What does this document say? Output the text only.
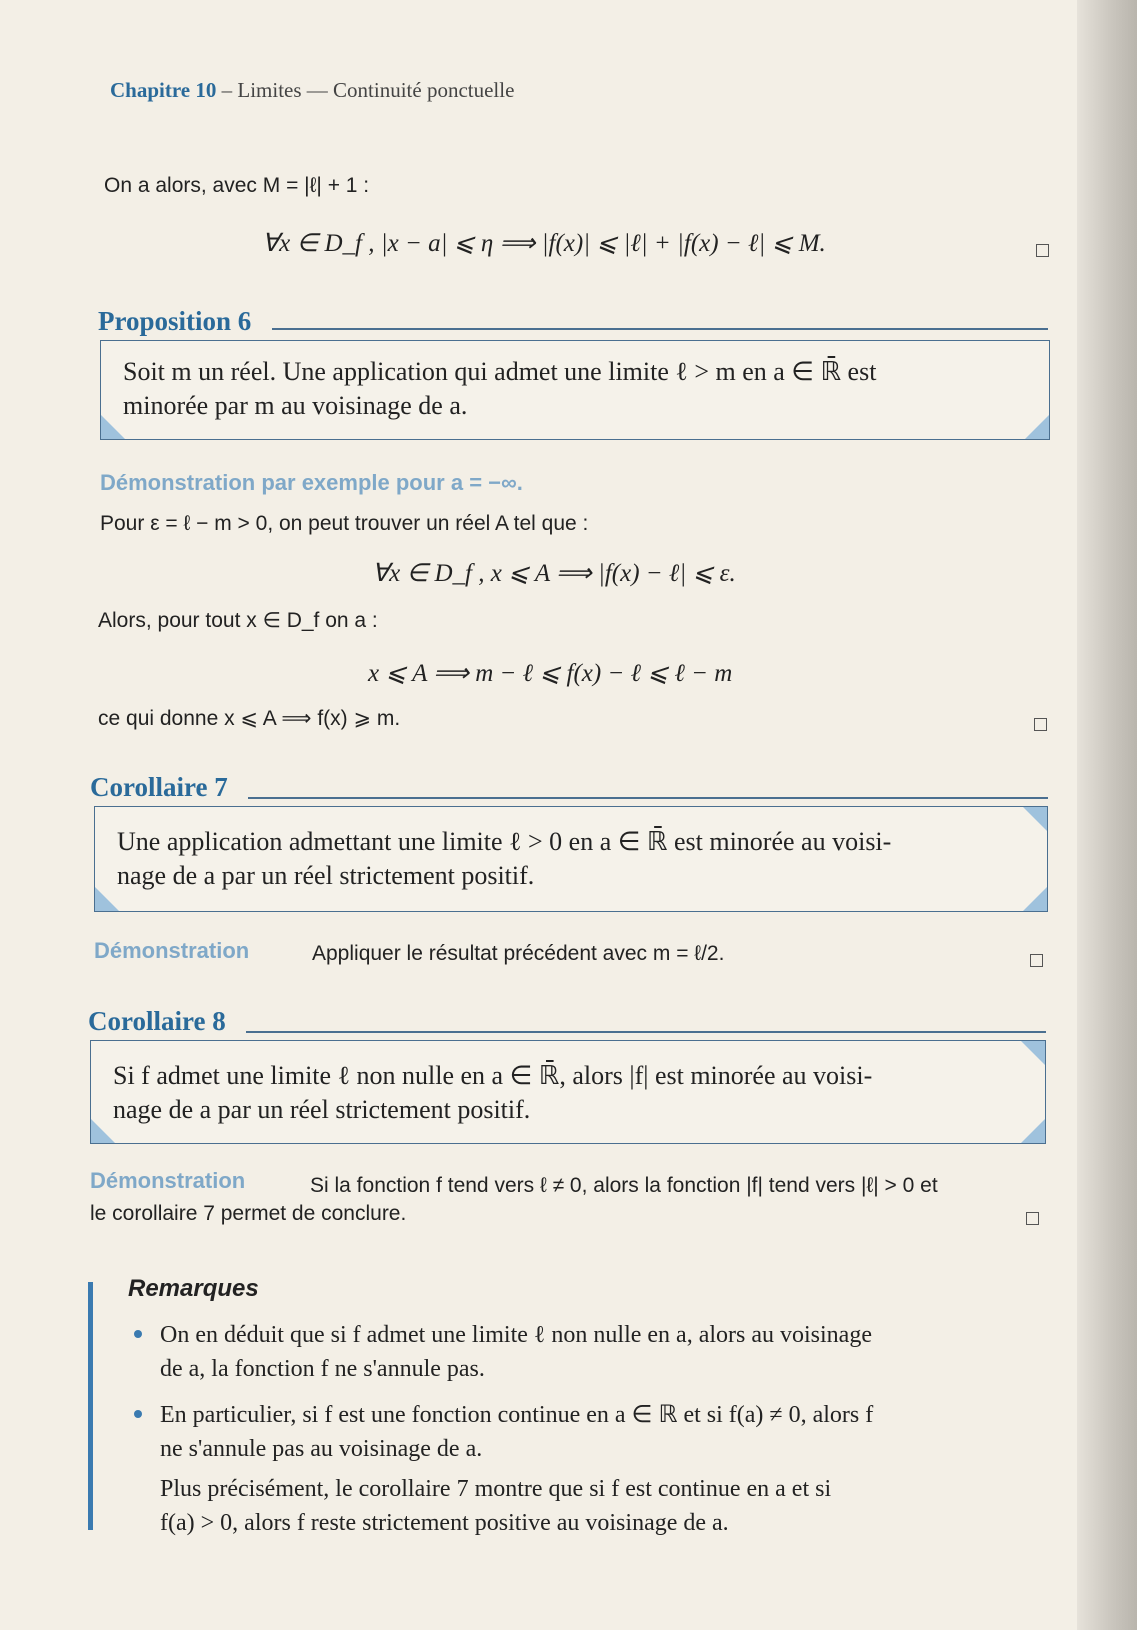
Chapitre 10 – Limites — Continuité ponctuelle
On a alors, avec M = |ℓ| + 1 :
∀x ∈ D_f , |x − a| ⩽ η ⟹ |f(x)| ⩽ |ℓ| + |f(x) − ℓ| ⩽ M.
Proposition 6
Soit m un réel. Une application qui admet une limite ℓ > m en a ∈ ℝ̄ est
minorée par m au voisinage de a.
Démonstration par exemple pour a = −∞.
Pour ε = ℓ − m > 0, on peut trouver un réel A tel que :
∀x ∈ D_f , x ⩽ A ⟹ |f(x) − ℓ| ⩽ ε.
Alors, pour tout x ∈ D_f on a :
x ⩽ A ⟹ m − ℓ ⩽ f(x) − ℓ ⩽ ℓ − m
ce qui donne x ⩽ A ⟹ f(x) ⩾ m.
Corollaire 7
Une application admettant une limite ℓ > 0 en a ∈ ℝ̄ est minorée au voisi-
nage de a par un réel strictement positif.
Démonstration	Appliquer le résultat précédent avec m = ℓ/2.
Corollaire 8
Si f admet une limite ℓ non nulle en a ∈ ℝ̄, alors |f| est minorée au voisi-
nage de a par un réel strictement positif.
Démonstration	Si la fonction f tend vers ℓ ≠ 0, alors la fonction |f| tend vers |ℓ| > 0 et
le corollaire 7 permet de conclure.
Remarques
On en déduit que si f admet une limite ℓ non nulle en a, alors au voisinage
de a, la fonction f ne s'annule pas.
En particulier, si f est une fonction continue en a ∈ ℝ et si f(a) ≠ 0, alors f
ne s'annule pas au voisinage de a.
Plus précisément, le corollaire 7 montre que si f est continue en a et si
f(a) > 0, alors f reste strictement positive au voisinage de a.
